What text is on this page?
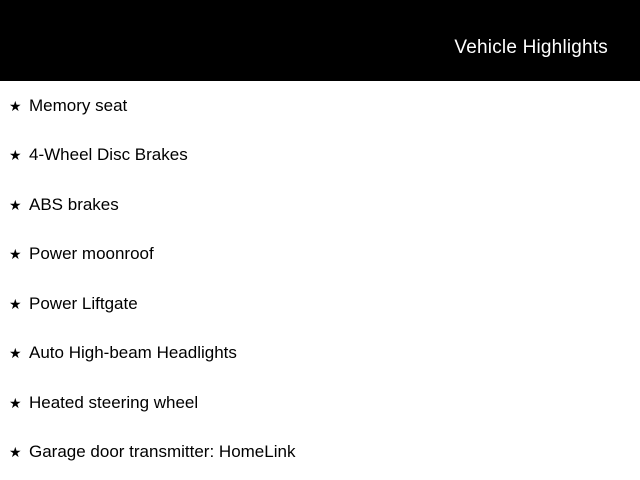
Vehicle Highlights
★ Memory seat
★ 4-Wheel Disc Brakes
★ ABS brakes
★ Power moonroof
★ Power Liftgate
★ Auto High-beam Headlights
★ Heated steering wheel
★ Garage door transmitter: HomeLink
